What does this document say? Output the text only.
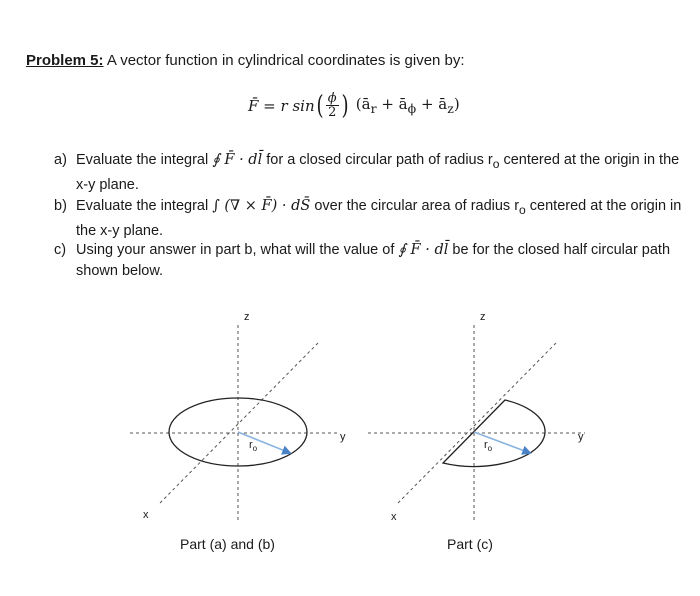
Problem 5: A vector function in cylindrical coordinates is given by:
F̄ = r sin ( $\frac{\phi}{2}$ ) ($ā_r$ + $ā_\phi$ + $ā_z$)
a) Evaluate the integral ∮ F̄ · dl̄ for a closed circular path of radius $r_o$ centered at the origin in the x-y plane.
b) Evaluate the integral ∫ (∇ × F̄) · dS̄ over the circular area of radius $r_o$ centered at the origin in the x-y plane.
c) Using your answer in part b, what will the value of ∮ F̄ · dl̄ be for the closed half circular path shown below.
z
y
x
$r_o$
z
y
x
$r_o$
Part (a) and (b)	Part (c)
